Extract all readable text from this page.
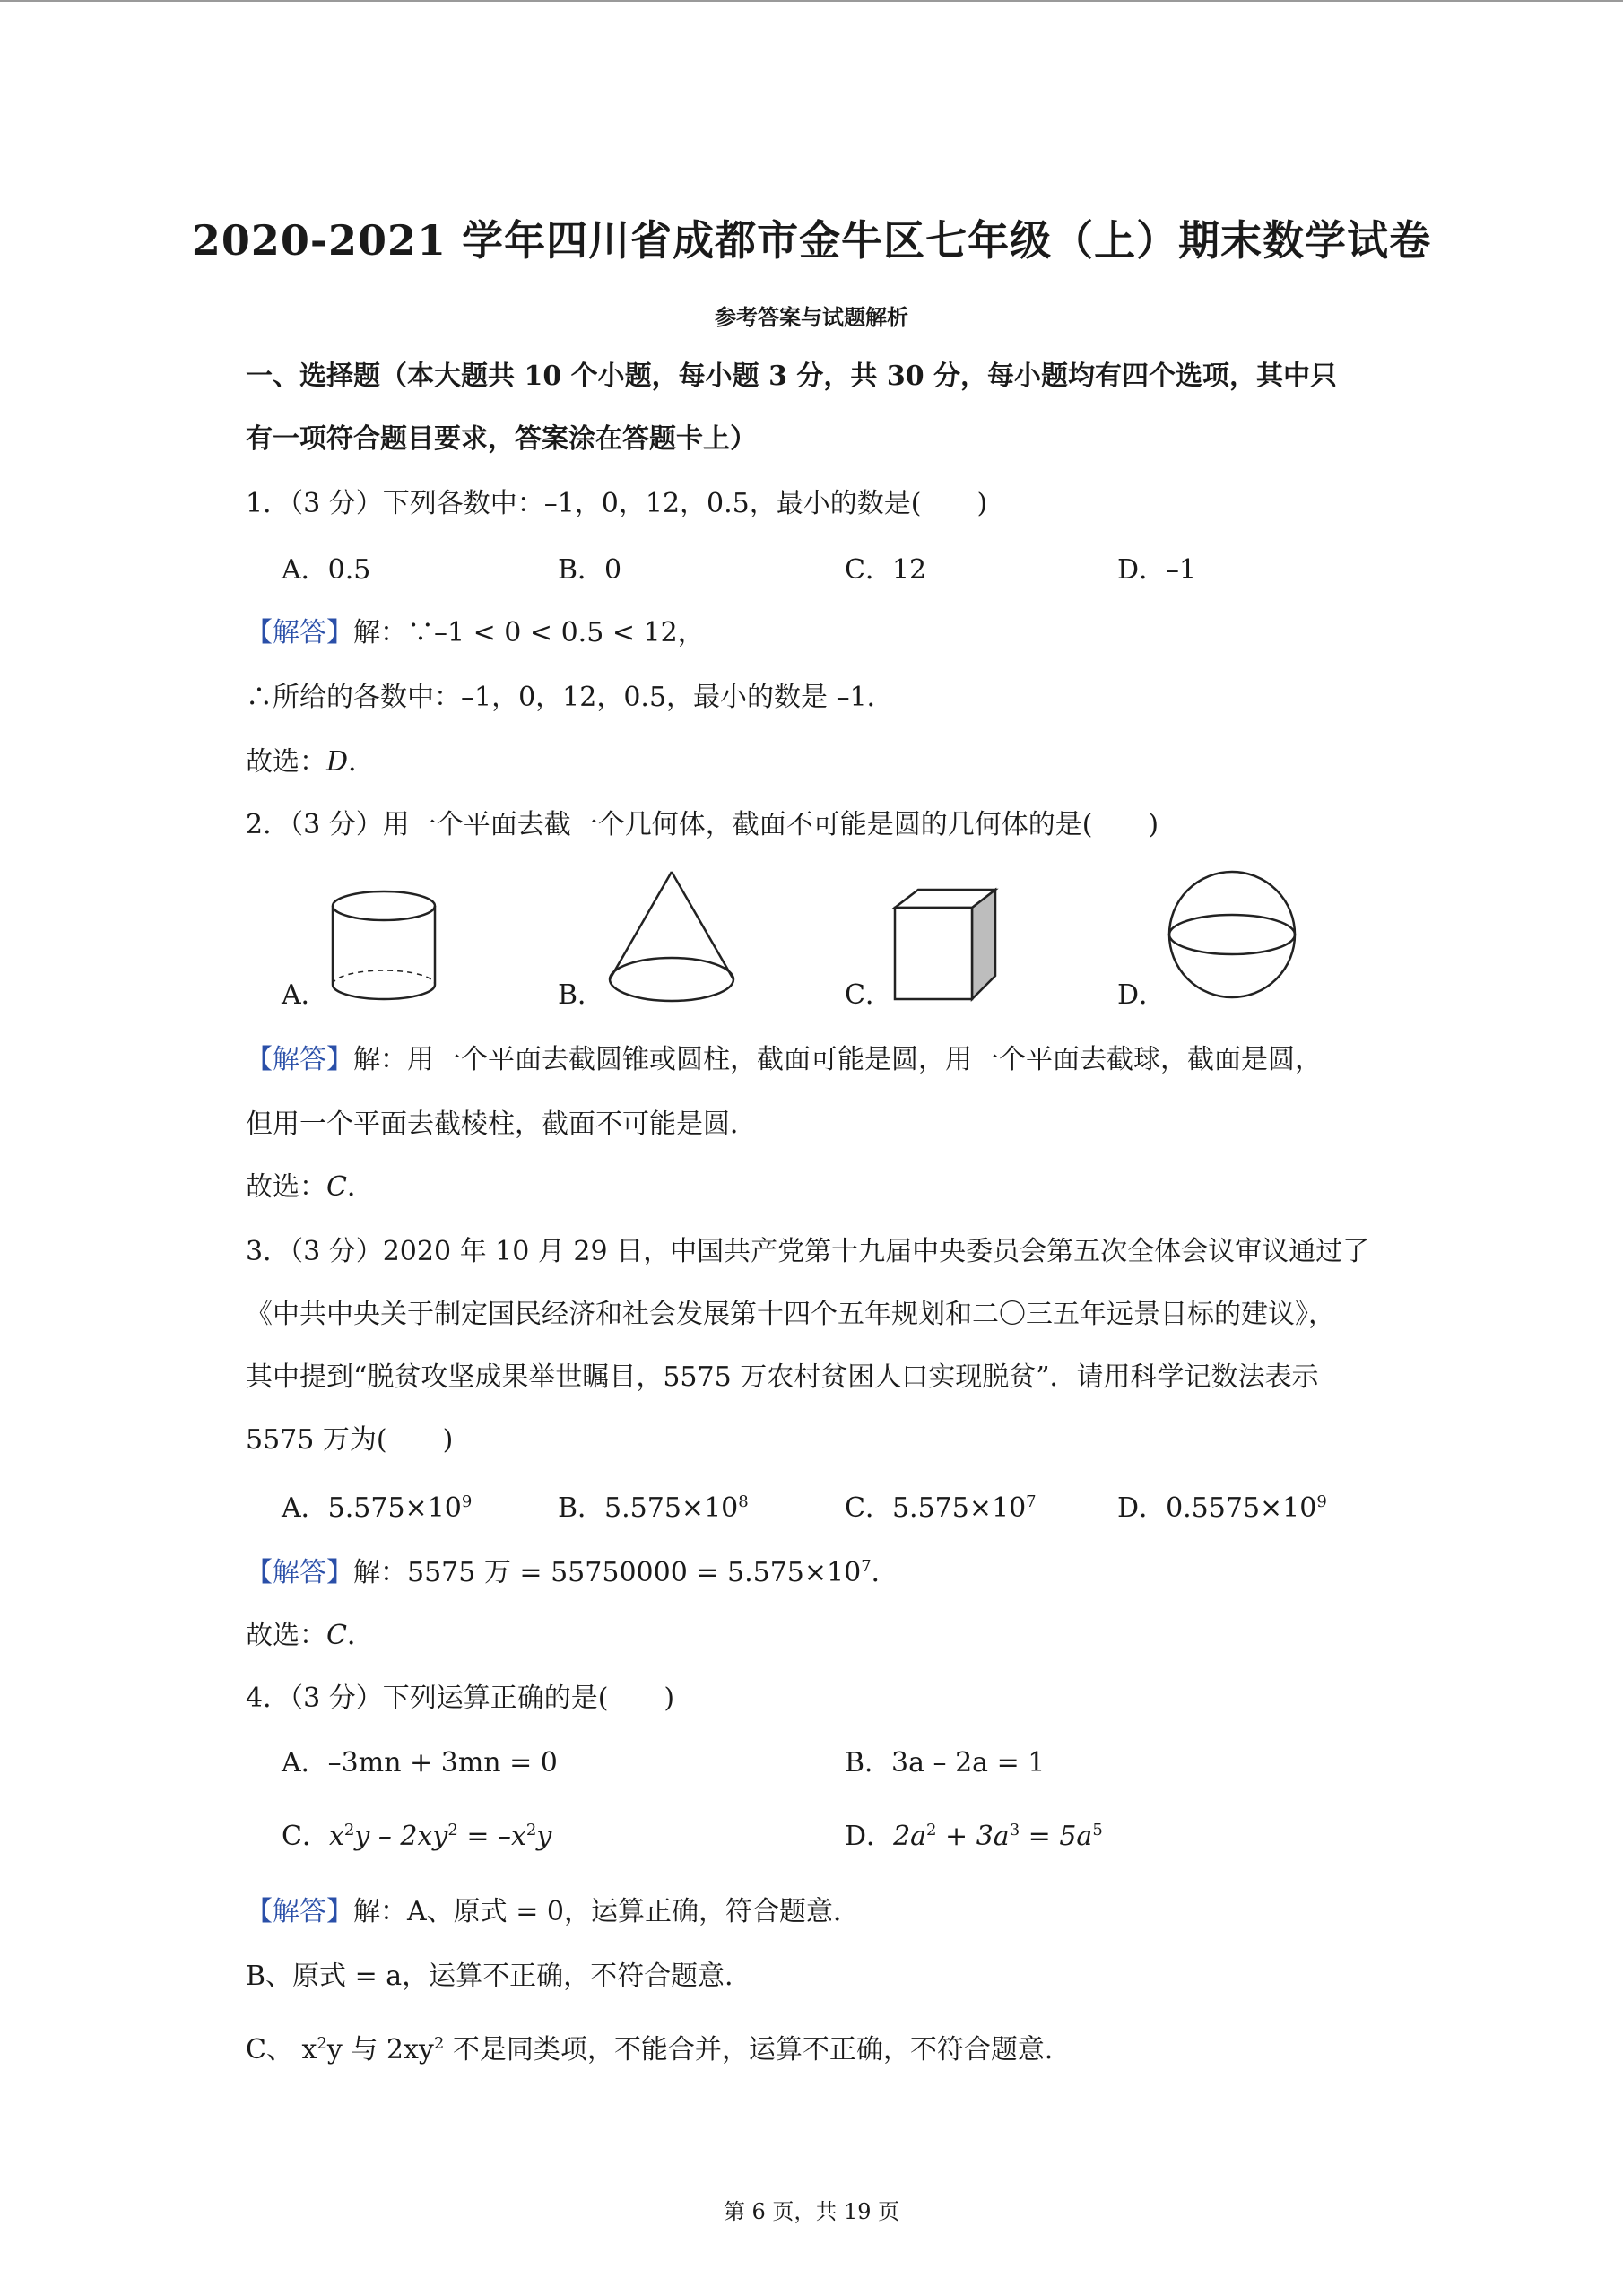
2020-2021 学年四川省成都市金牛区七年级（上）期末数学试卷
参考答案与试题解析
一、选择题（本大题共 10 个小题，每小题 3 分，共 30 分，每小题均有四个选项，其中只
有一项符合题目要求，答案涂在答题卡上）
1．（3 分）下列各数中：–1，0，12，0.5，最小的数是( )
A．0.5	B．0	C．12	D．–1
【解答】解：∵–1 < 0 < 0.5 < 12，
∴所给的各数中：–1，0，12，0.5，最小的数是 –1．
故选：D．
2．（3 分）用一个平面去截一个几何体，截面不可能是圆的几何体的是( )
A．	B．	C．	D．
【解答】解：用一个平面去截圆锥或圆柱，截面可能是圆，用一个平面去截球，截面是圆，
但用一个平面去截棱柱，截面不可能是圆．
故选：C．
3．（3 分）2020 年 10 月 29 日，中国共产党第十九届中央委员会第五次全体会议审议通过了
《中共中央关于制定国民经济和社会发展第十四个五年规划和二〇三五年远景目标的建议》，
其中提到“脱贫攻坚成果举世瞩目，5575 万农村贫困人口实现脱贫”．请用科学记数法表示
5575 万为( )
A．$5.575\times 10^9$	B．$5.575\times 10^8$	C．$5.575\times 10^7$	D．$0.5575\times 10^9$
【解答】解：5575 万 = $55750000 = 5.575\times 10^7$．
故选：C．
4．（3 分）下列运算正确的是( )
A．–3mn + 3mn = 0	B．3a – 2a = 1
C．$x^2y - 2xy^2 = -x^2y$	D．$2a^2 + 3a^3 = 5a^5$
【解答】解：A、原式 = 0，运算正确，符合题意．
B、原式 = a，运算不正确，不符合题意．
C、 $x^2y$ 与 $2xy^2$ 不是同类项，不能合并，运算不正确，不符合题意．
第 6 页，共 19 页
